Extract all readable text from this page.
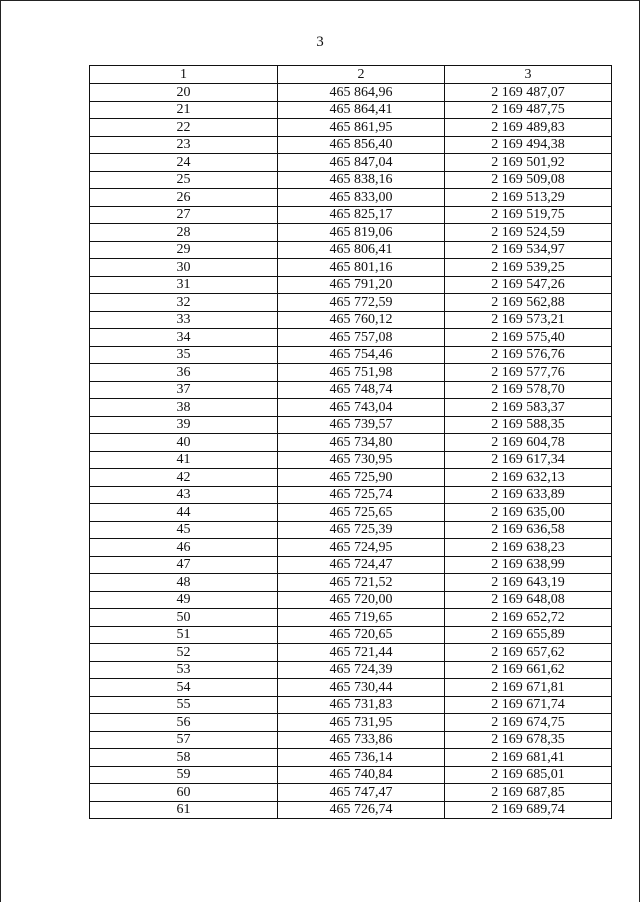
3
1	2	3
20	465 864,96	2 169 487,07
21	465 864,41	2 169 487,75
22	465 861,95	2 169 489,83
23	465 856,40	2 169 494,38
24	465 847,04	2 169 501,92
25	465 838,16	2 169 509,08
26	465 833,00	2 169 513,29
27	465 825,17	2 169 519,75
28	465 819,06	2 169 524,59
29	465 806,41	2 169 534,97
30	465 801,16	2 169 539,25
31	465 791,20	2 169 547,26
32	465 772,59	2 169 562,88
33	465 760,12	2 169 573,21
34	465 757,08	2 169 575,40
35	465 754,46	2 169 576,76
36	465 751,98	2 169 577,76
37	465 748,74	2 169 578,70
38	465 743,04	2 169 583,37
39	465 739,57	2 169 588,35
40	465 734,80	2 169 604,78
41	465 730,95	2 169 617,34
42	465 725,90	2 169 632,13
43	465 725,74	2 169 633,89
44	465 725,65	2 169 635,00
45	465 725,39	2 169 636,58
46	465 724,95	2 169 638,23
47	465 724,47	2 169 638,99
48	465 721,52	2 169 643,19
49	465 720,00	2 169 648,08
50	465 719,65	2 169 652,72
51	465 720,65	2 169 655,89
52	465 721,44	2 169 657,62
53	465 724,39	2 169 661,62
54	465 730,44	2 169 671,81
55	465 731,83	2 169 671,74
56	465 731,95	2 169 674,75
57	465 733,86	2 169 678,35
58	465 736,14	2 169 681,41
59	465 740,84	2 169 685,01
60	465 747,47	2 169 687,85
61	465 726,74	2 169 689,74
